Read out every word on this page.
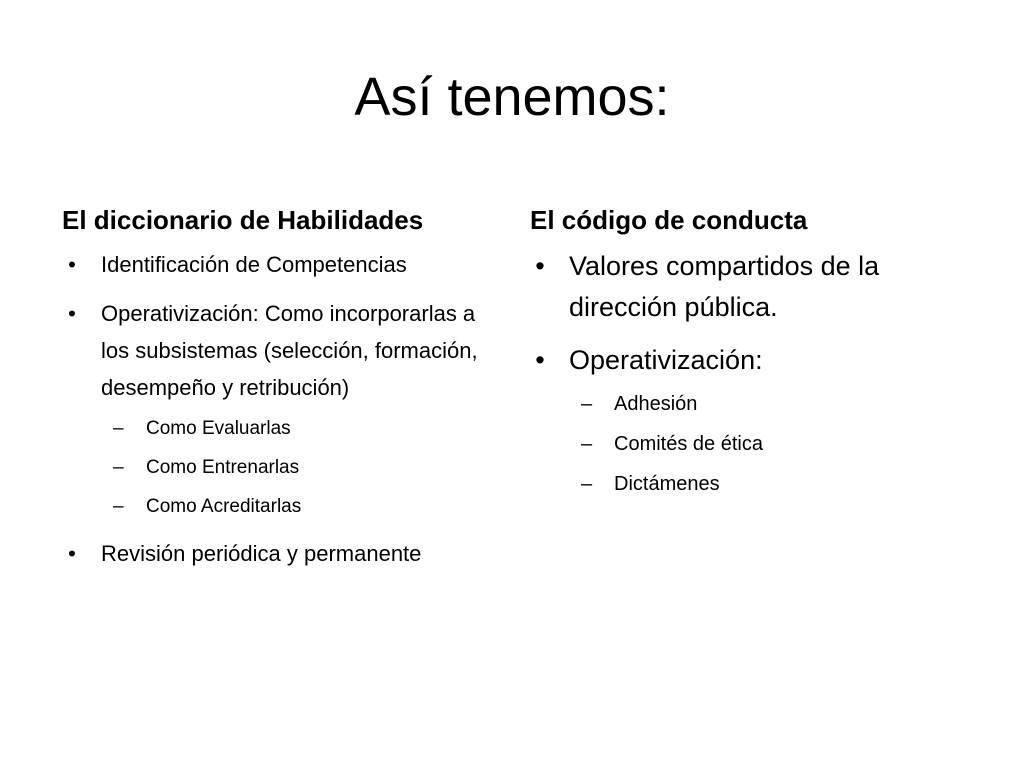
Así tenemos:
El diccionario de Habilidades
• Identificación de Competencias
• Operativización: Como incorporarlas a los subsistemas (selección, formación, desempeño y retribución)
– Como Evaluarlas
– Como Entrenarlas
– Como Acreditarlas
• Revisión periódica y permanente
El código de conducta
• Valores compartidos de la dirección pública.
• Operativización:
– Adhesión
– Comités de ética
– Dictámenes
